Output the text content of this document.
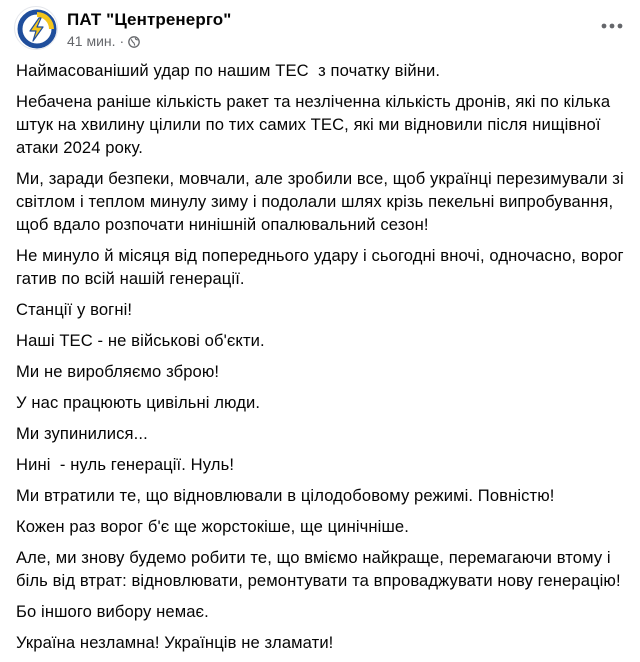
ПАТ "Центренерго"
41 мин. ·

Наймасованіший удар по нашим ТЕС  з початку війни.

Небачена раніше кількість ракет та незліченна кількість дронів, які по кілька
штук на хвилину цілили по тих самих ТЕС, які ми відновили після нищівної
атаки 2024 року.

Ми, заради безпеки, мовчали, але зробили все, щоб українці перезимували зі
світлом і теплом минулу зиму і подолали шлях крізь пекельні випробування,
щоб вдало розпочати нинішній опалювальний сезон!

Не минуло й місяця від попереднього удару і сьогодні вночі, одночасно, ворог
гатив по всій нашій генерації.

Станції у вогні!

Наші ТЕС - не військові об'єкти.

Ми не виробляємо зброю!

У нас працюють цивільні люди.

Ми зупинилися...

Нині  - нуль генерації. Нуль!

Ми втратили те, що відновлювали в цілодобовому режимі. Повністю!

Кожен раз ворог б'є ще жорстокіше, ще цинічніше.

Але, ми знову будемо робити те, що вміємо найкраще, перемагаючи втому і
біль від втрат: відновлювати, ремонтувати та впроваджувати нову генерацію!

Бо іншого вибору немає.

Україна незламна! Українців не зламати!
